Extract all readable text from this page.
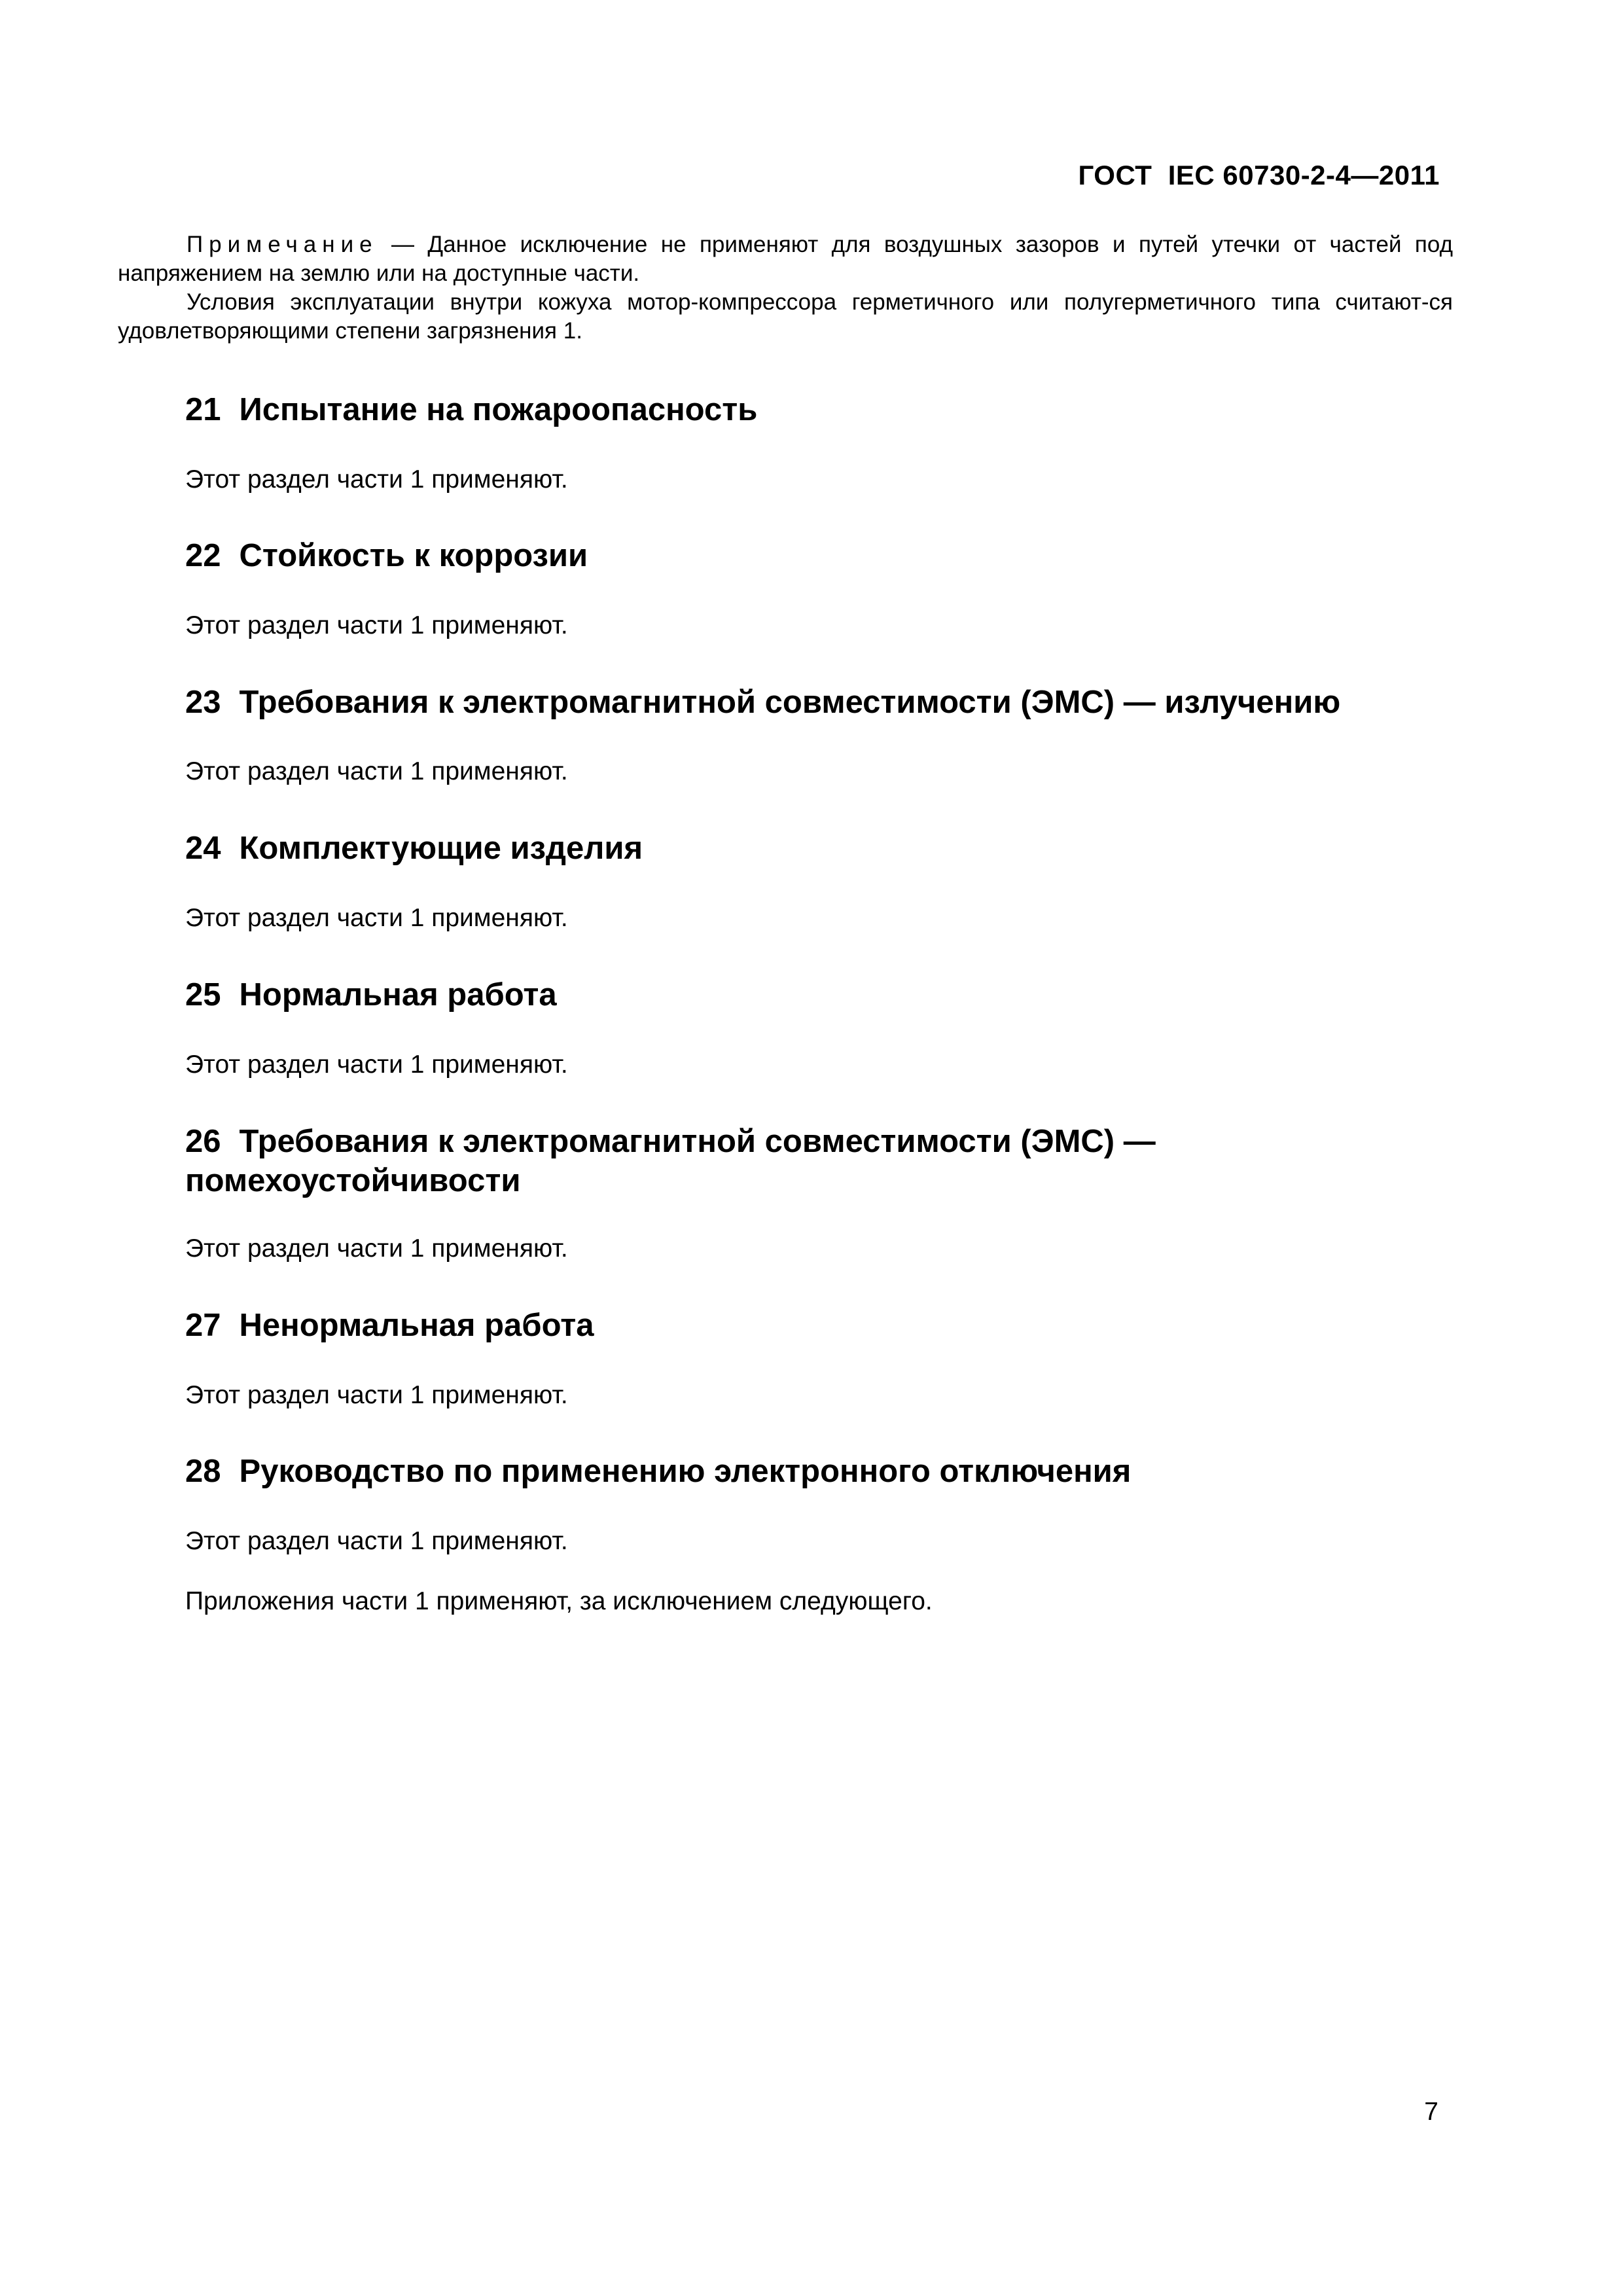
ГОСТ  IEC 60730-2-4—2011

Примечание — Данное исключение не применяют для воздушных зазоров и путей утечки от частей под напряжением на землю или на доступные части.

Условия эксплуатации внутри кожуха мотор-компрессора герметичного или полугерметичного типа считают-ся удовлетворяющими степени загрязнения 1.

21 Испытание на пожароопасность

Этот раздел части 1 применяют.

22 Стойкость к коррозии

Этот раздел части 1 применяют.

23 Требования к электромагнитной совместимости (ЭМС) — излучению

Этот раздел части 1 применяют.

24 Комплектующие изделия

Этот раздел части 1 применяют.

25 Нормальная работа

Этот раздел части 1 применяют.

26 Требования к электромагнитной совместимости (ЭМС) — помехоустойчивости

Этот раздел части 1 применяют.

27 Ненормальная работа

Этот раздел части 1 применяют.

28 Руководство по применению электронного отключения

Этот раздел части 1 применяют.

Приложения части 1 применяют, за исключением следующего.

7
